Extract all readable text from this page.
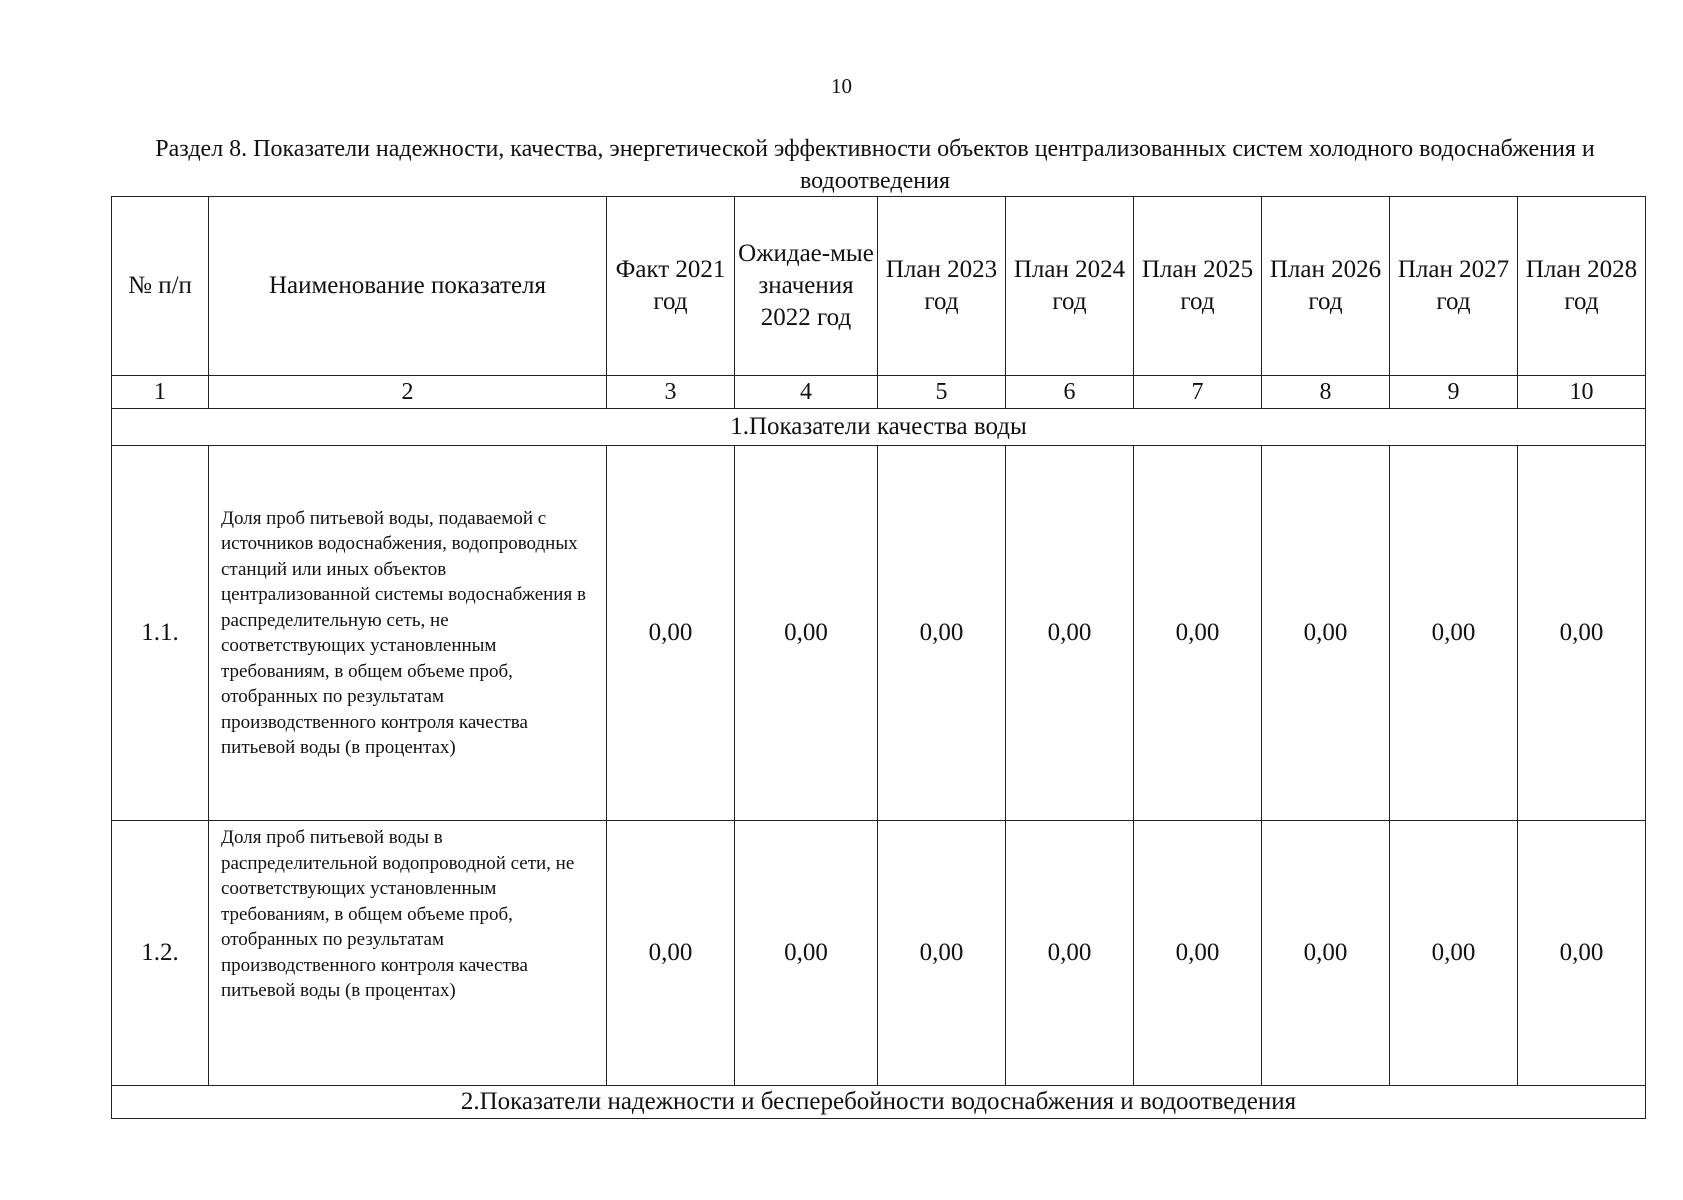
10
Раздел 8. Показатели надежности, качества, энергетической эффективности объектов централизованных систем холодного водоснабжения и водоотведения
№ п/п	Наименование показателя	Факт 2021 год	Ожидае-мые значения 2022 год	План 2023 год	План 2024 год	План 2025 год	План 2026 год	План 2027 год	План 2028 год
1	2	3	4	5	6	7	8	9	10
1.Показатели качества воды									
1.1.	Доля проб питьевой воды, подаваемой с источников водоснабжения, водопроводных станций или иных объектов централизованной системы водоснабжения в распределительную сеть, не соответствующих установленным требованиям, в общем объеме проб, отобранных по результатам производственного контроля качества питьевой воды (в процентах)	0,00	0,00	0,00	0,00	0,00	0,00	0,00	0,00
1.2.	Доля проб питьевой воды в распределительной водопроводной сети, не соответствующих установленным требованиям, в общем объеме проб, отобранных по результатам производственного контроля качества питьевой воды (в процентах)	0,00	0,00	0,00	0,00	0,00	0,00	0,00	0,00
2.Показатели надежности и бесперебойности водоснабжения и водоотведения									
